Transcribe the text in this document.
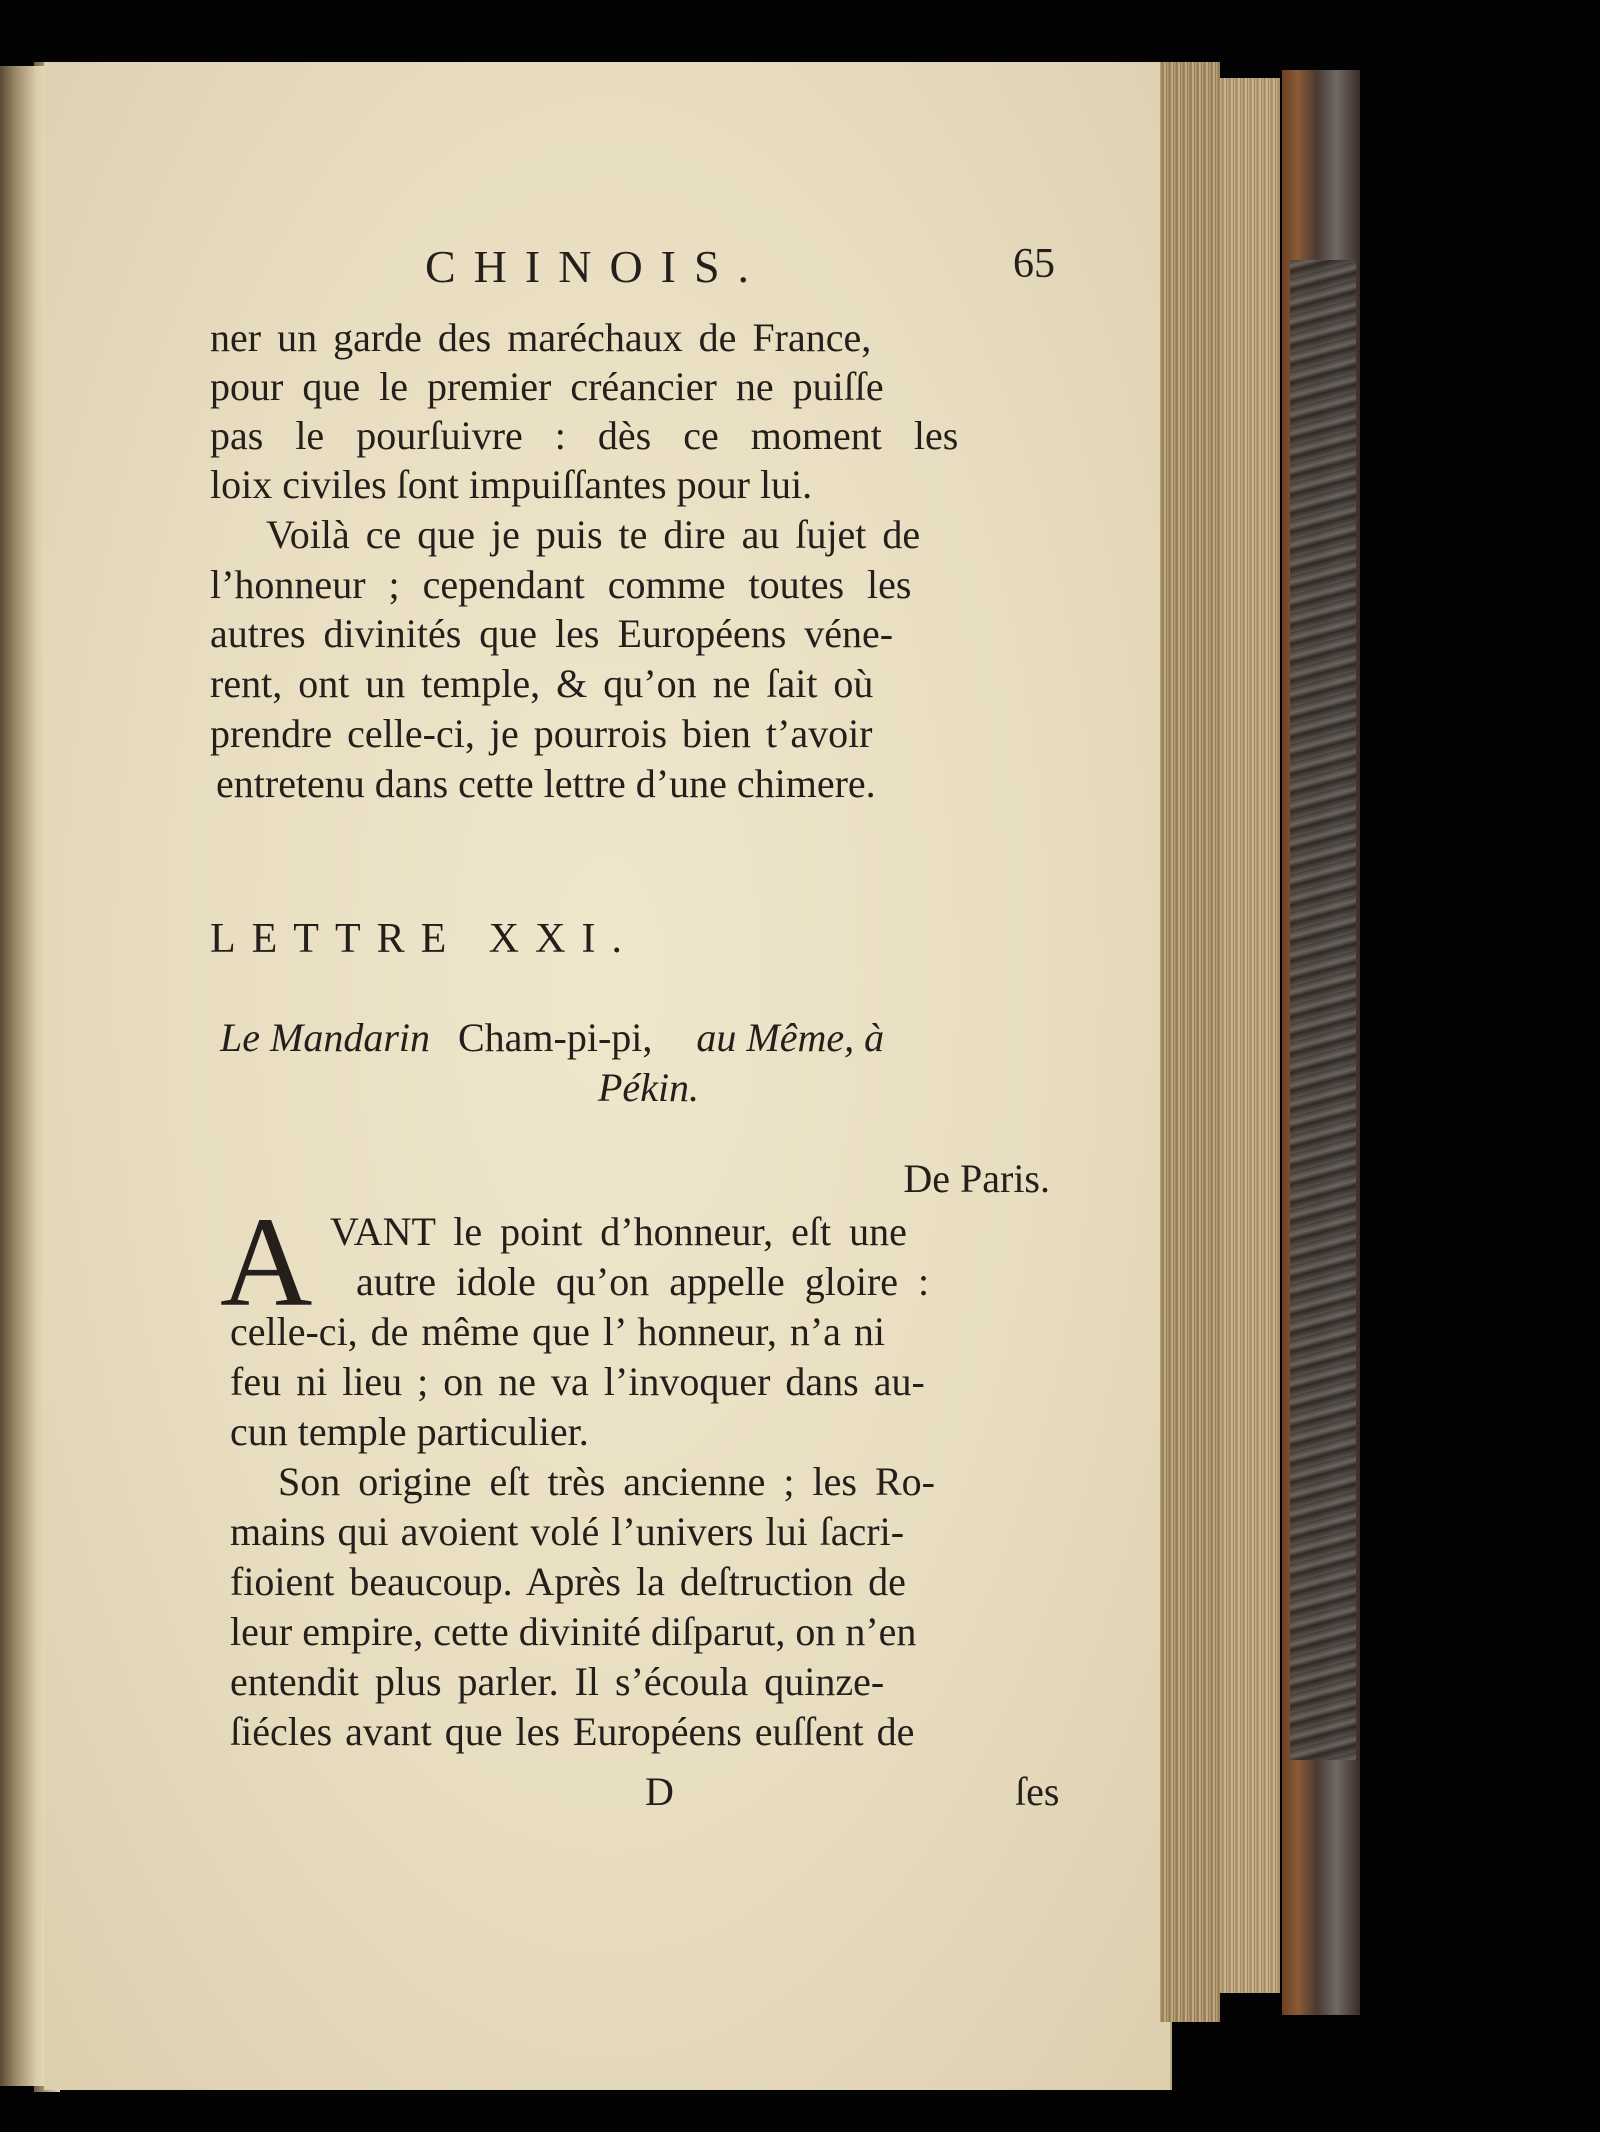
CHINOIS.	65
ner un garde des maréchaux de France,
pour que le premier créancier ne puiſſe
pas le pourſuivre : dès ce moment les
loix civiles ſont impuiſſantes pour lui.
Voilà ce que je puis te dire au ſujet de
l’honneur ; cependant comme toutes les
autres divinités que les Européens véne-
rent, ont un temple, & qu’on ne ſait où
prendre celle-ci, je pourrois bien t’avoir
entretenu dans cette lettre d’une chimere.
LETTRE XXI.
Le Mandarin Cham-pi-pi, au Même, à
Pékin.
De Paris.
A VANT le point d’honneur, eſt une
autre idole qu’on appelle gloire :
celle-ci, de même que l’ honneur, n’a ni
feu ni lieu ; on ne va l’invoquer dans au-
cun temple particulier.
Son origine eſt très ancienne ; les Ro-
mains qui avoient volé l’univers lui ſacri-
fioient beaucoup. Après la deſtruction de
leur empire, cette divinité diſparut, on n’en
entendit plus parler. Il s’écoula quinze-
ſiécles avant que les Européens euſſent de
D	ſes
